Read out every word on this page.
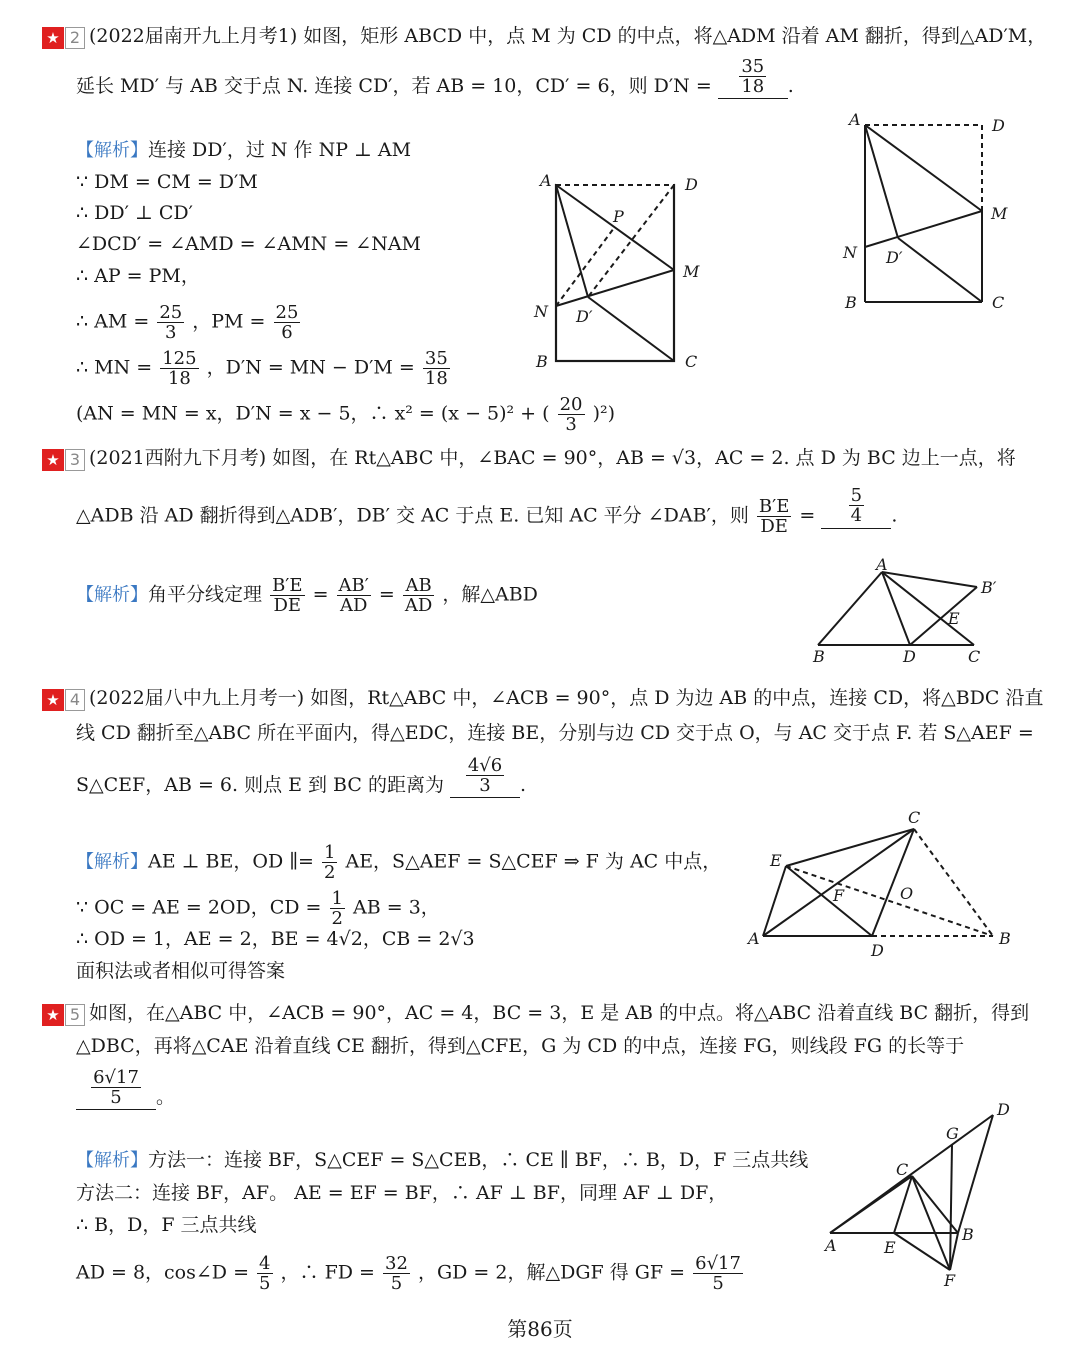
A	D
P
M
N D′
B	C
A	D
M
N D′
B	C
A
B′
E
B	D	C
C
E
F	O
A
D
B
D
G
C
A	E
B
F
★ 2 (2022届南开九上月考1) 如图，矩形 ABCD 中，点 M 为 CD 的中点，将△ADM 沿着 AM 翻折，得到△AD′M，
延长 MD′ 与 AB 交于点 N. 连接 CD′，若 AB = 10，CD′ = 6，则 $D'N = \frac{35}{18}$ .
【解析】连接 DD′，过 N 作 NP ⊥ AM
∵ DM = CM = D′M
∴ DD′ ⊥ CD′
∠DCD′ = ∠AMD = ∠AMN = ∠NAM
∴ AP = PM，
∴ AM = $\frac{25}{3}$ ，PM = $\frac{25}{6}$
∴ MN = $\frac{125}{18}$ ，D′N = MN − $D'M = \frac{35}{18}$
(AN = MN = x，D′N = x − 5，∴ x² = (x − 5)² + ( $\frac{20}{3} )^2$)
★ 3 (2021西附九下月考) 如图，在 Rt△ABC 中，∠BAC = 90°，AB = √3，AC = 2. 点 D 为 BC 边上一点，将
△ADB 沿 AD 翻折得到△ADB′，DB′ 交 AC 于点 E. 已知 AC 平分 ∠DAB′，则 $\frac{B'E}{DE} = \frac{5}{4}$ .
【解析】角平分线定理 $\frac{B'E}{DE} = \frac{AB'}{AD} = \frac{AB}{AD}$ ，解△ABD
★ 4 (2022届八中九上月考一) 如图，Rt△ABC 中，∠ACB = 90°，点 D 为边 AB 的中点，连接 CD，将△BDC 沿直
线 CD 翻折至△ABC 所在平面内，得△EDC，连接 BE，分别与边 CD 交于点 O，与 AC 交于点 F. 若 S△AEF =
S△CEF，AB = 6. 则点 E 到 BC 的距离为 $\frac{4√6}{3}$ .
【解析】AE ⊥ BE，OD ∥= $\frac{1}{2}$ AE，S△AEF = S△CEF ⇒ F 为 AC 中点，
∵ OC = AE = 2OD，CD = $\frac{1}{2}$ AB = 3，
∴ OD = 1，AE = 2，BE = 4√2，CB = 2√3
面积法或者相似可得答案
★ 5 如图，在△ABC 中，∠ACB = 90°，AC = 4，BC = 3，E 是 AB 的中点。将△ABC 沿着直线 BC 翻折，得到
△DBC，再将△CAE 沿着直线 CE 翻折，得到△CFE，G 为 CD 的中点，连接 FG，则线段 FG 的长等于
$\frac{6√17}{5}$ 。
【解析】方法一：连接 BF，S△CEF = S△CEB，∴ CE ∥ BF，∴ B，D，F 三点共线
方法二：连接 BF，AF。 AE = EF = BF，∴ AF ⊥ BF，同理 AF ⊥ DF，
∴ B，D，F 三点共线
AD = 8，cos∠D = $\frac{4}{5}$ ，∴ FD = $\frac{32}{5}$ ，GD = 2，解△DGF 得 GF = $\frac{6√17}{5}$
第86页
